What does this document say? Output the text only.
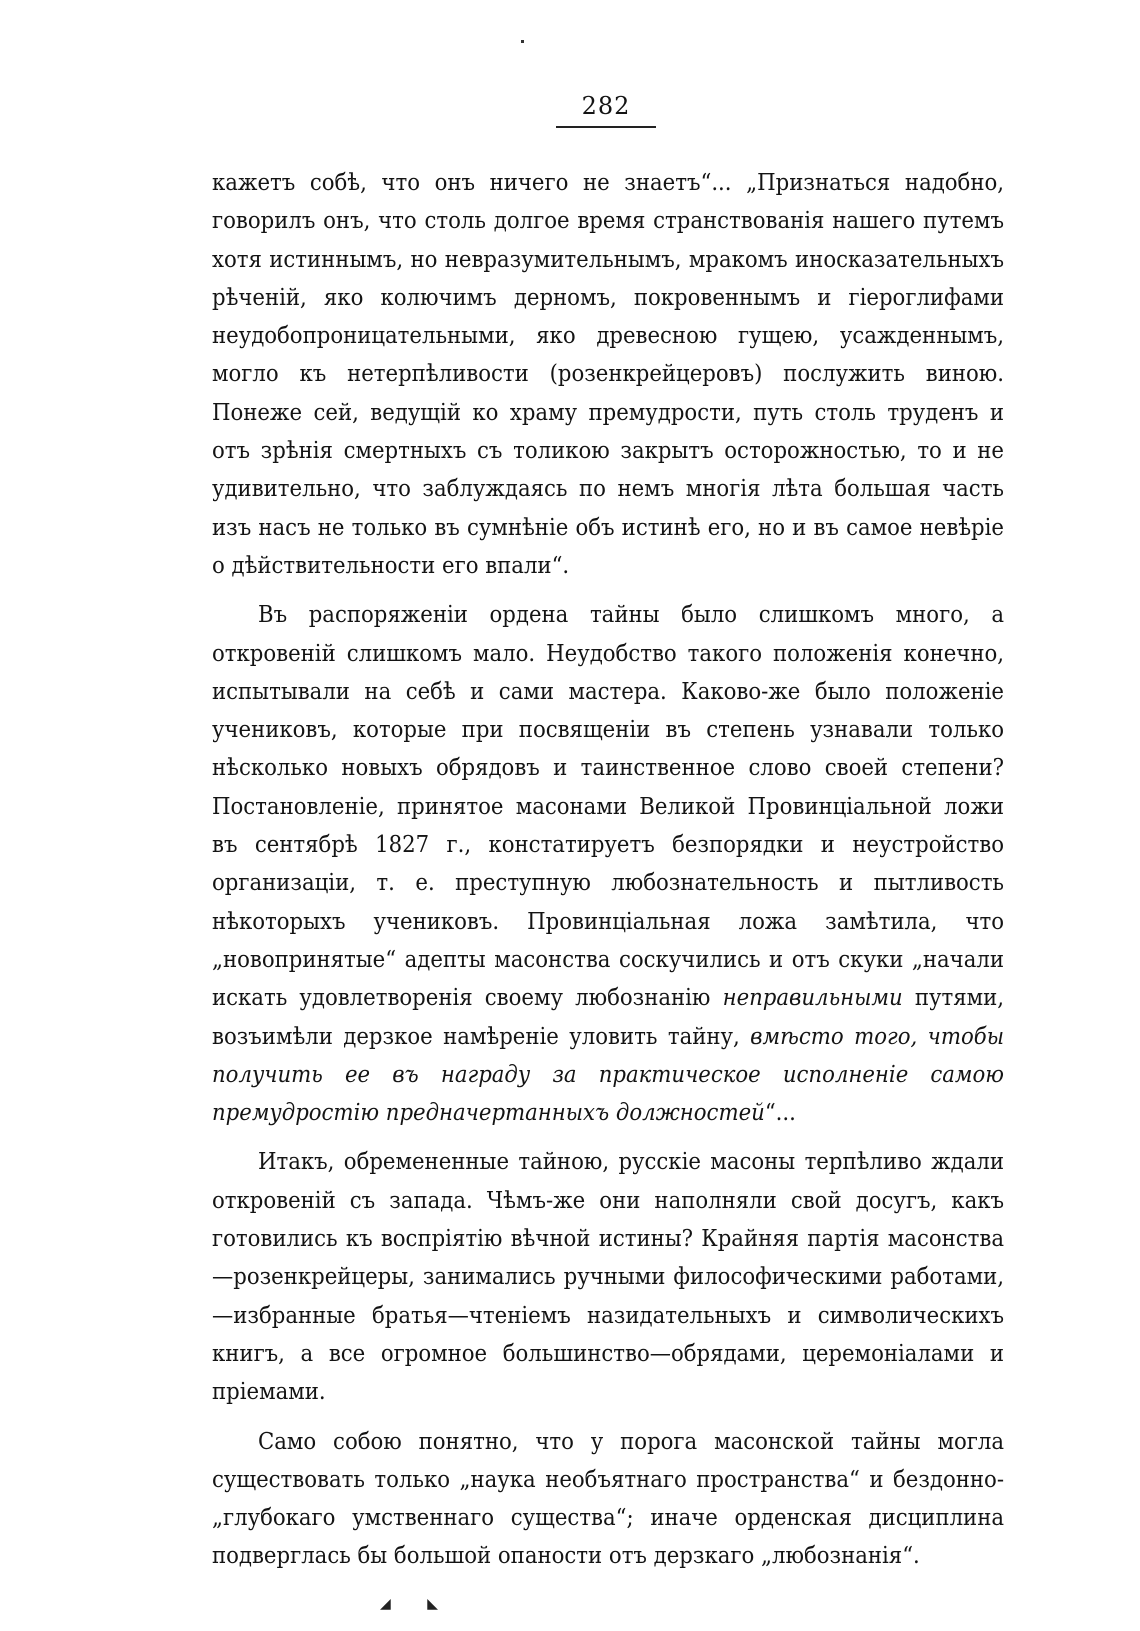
282

кажетъ собѣ, что онъ ничего не знаетъ“... „Признаться надобно, говорилъ онъ, что столь долгое время странствованія нашего путемъ хотя истиннымъ, но невразумительнымъ, мракомъ иносказательныхъ рѣченій, яко колючимъ дерномъ, покровеннымъ и гіероглифами неудобопроницательными, яко древесною гущею, усажденнымъ, могло къ нетерпѣливости (розенкрейцеровъ) послужить виною. Понеже сей, ведущій ко храму премудрости, путь столь труденъ и отъ зрѣнія смертныхъ съ толикою закрытъ осторожностью, то и не удивительно, что заблуждаясь по немъ многія лѣта большая часть изъ насъ не только въ сумнѣніе объ истинѣ его, но и въ самое невѣріе о дѣйствительности его впали“.

Въ распоряженіи ордена тайны было слишкомъ много, а откровеній слишкомъ мало. Неудобство такого положенія конечно, испытывали на себѣ и сами мастера. Каково-же было положеніе учениковъ, которые при посвященіи въ степень узнавали только нѣсколько новыхъ обрядовъ и таинственное слово своей степени? Постановленіе, принятое масонами Великой Провинціальной ложи въ сентябрѣ 1827 г., констатируетъ безпорядки и неустройство организаціи, т. е. преступную любознательность и пытливость нѣкоторыхъ учениковъ. Провинціальная ложа замѣтила, что „новопринятые“ адепты масонства соскучились и отъ скуки „начали искать удовлетворенія своему любознанію неправильными путями, возъимѣли дерзкое намѣреніе уловить тайну, вмѣсто того, чтобы получить ее въ награду за практическое исполненіе самою премудростію предначертанныхъ должностей“...

Итакъ, обремененные тайною, русскіе масоны терпѣливо ждали откровеній съ запада. Чѣмъ-же они наполняли свой досугъ, какъ готовились къ воспріятію вѣчной истины? Крайняя партія масонства—розенкрейцеры, занимались ручными философическими работами,—избранные братья—чтеніемъ назидательныхъ и символическихъ книгъ, а все огромное большинство—обрядами, церемоніалами и пріемами.

Само собою понятно, что у порога масонской тайны могла существовать только „наука необъятнаго пространства“ и бездонно-„глубокаго умственнаго существа“; иначе орденская дисциплина подверглась бы большой опаности отъ дерзкаго „любознанія“.

◢ ◣
